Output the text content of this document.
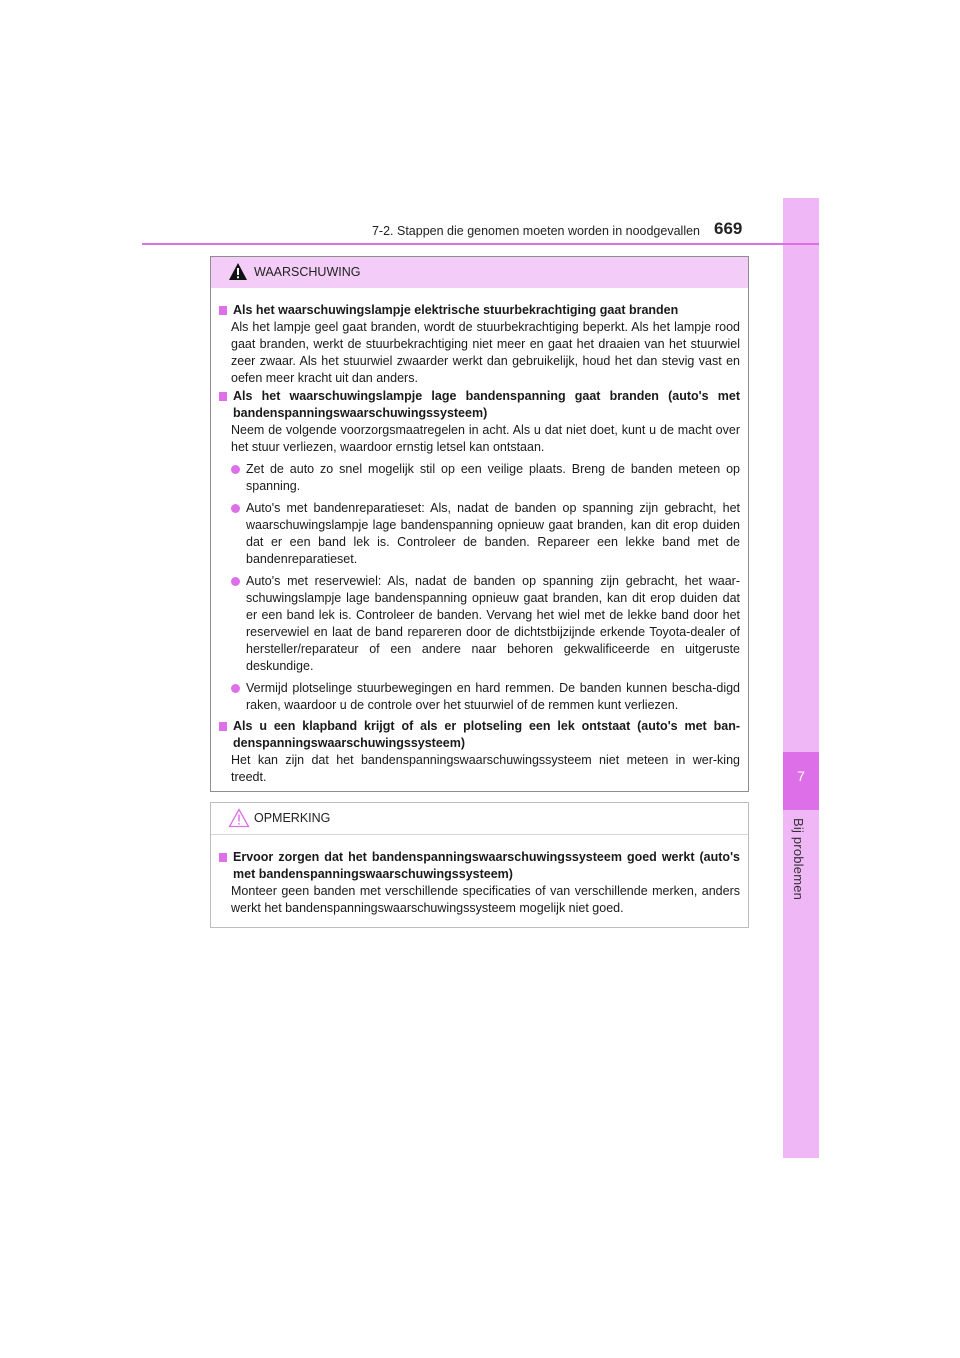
7
Bij problemen
7-2. Stappen die genomen moeten worden in noodgevallen 669
WAARSCHUWING
Als het waarschuwingslampje elektrische stuurbekrachtiging gaat branden
Als het lampje geel gaat branden, wordt de stuurbekrachtiging beperkt. Als het lampje rood gaat branden, werkt de stuurbekrachtiging niet meer en gaat het draaien van het stuurwiel zeer zwaar. Als het stuurwiel zwaarder werkt dan gebruikelijk, houd het dan stevig vast en oefen meer kracht uit dan anders.
Als het waarschuwingslampje lage bandenspanning gaat branden (auto's met bandenspanningswaarschuwingssysteem)
Neem de volgende voorzorgsmaatregelen in acht. Als u dat niet doet, kunt u de macht over het stuur verliezen, waardoor ernstig letsel kan ontstaan.
Zet de auto zo snel mogelijk stil op een veilige plaats. Breng de banden meteen op spanning.
Auto's met bandenreparatieset: Als, nadat de banden op spanning zijn gebracht, het waarschuwingslampje lage bandenspanning opnieuw gaat branden, kan dit erop duiden dat er een band lek is. Controleer de banden. Repareer een lekke band met de bandenreparatieset.
Auto's met reservewiel: Als, nadat de banden op spanning zijn gebracht, het waar-schuwingslampje lage bandenspanning opnieuw gaat branden, kan dit erop duiden dat er een band lek is. Controleer de banden. Vervang het wiel met de lekke band door het reservewiel en laat de band repareren door de dichtstbijzijnde erkende Toyota-dealer of hersteller/reparateur of een andere naar behoren gekwalificeerde en uitgeruste deskundige.
Vermijd plotselinge stuurbewegingen en hard remmen. De banden kunnen bescha-digd raken, waardoor u de controle over het stuurwiel of de remmen kunt verliezen.
Als u een klapband krijgt of als er plotseling een lek ontstaat (auto's met ban-denspanningswaarschuwingssysteem)
Het kan zijn dat het bandenspanningswaarschuwingssysteem niet meteen in wer-king treedt.
OPMERKING
Ervoor zorgen dat het bandenspanningswaarschuwingssysteem goed werkt (auto's met bandenspanningswaarschuwingssysteem)
Monteer geen banden met verschillende specificaties of van verschillende merken, anders werkt het bandenspanningswaarschuwingssysteem mogelijk niet goed.
